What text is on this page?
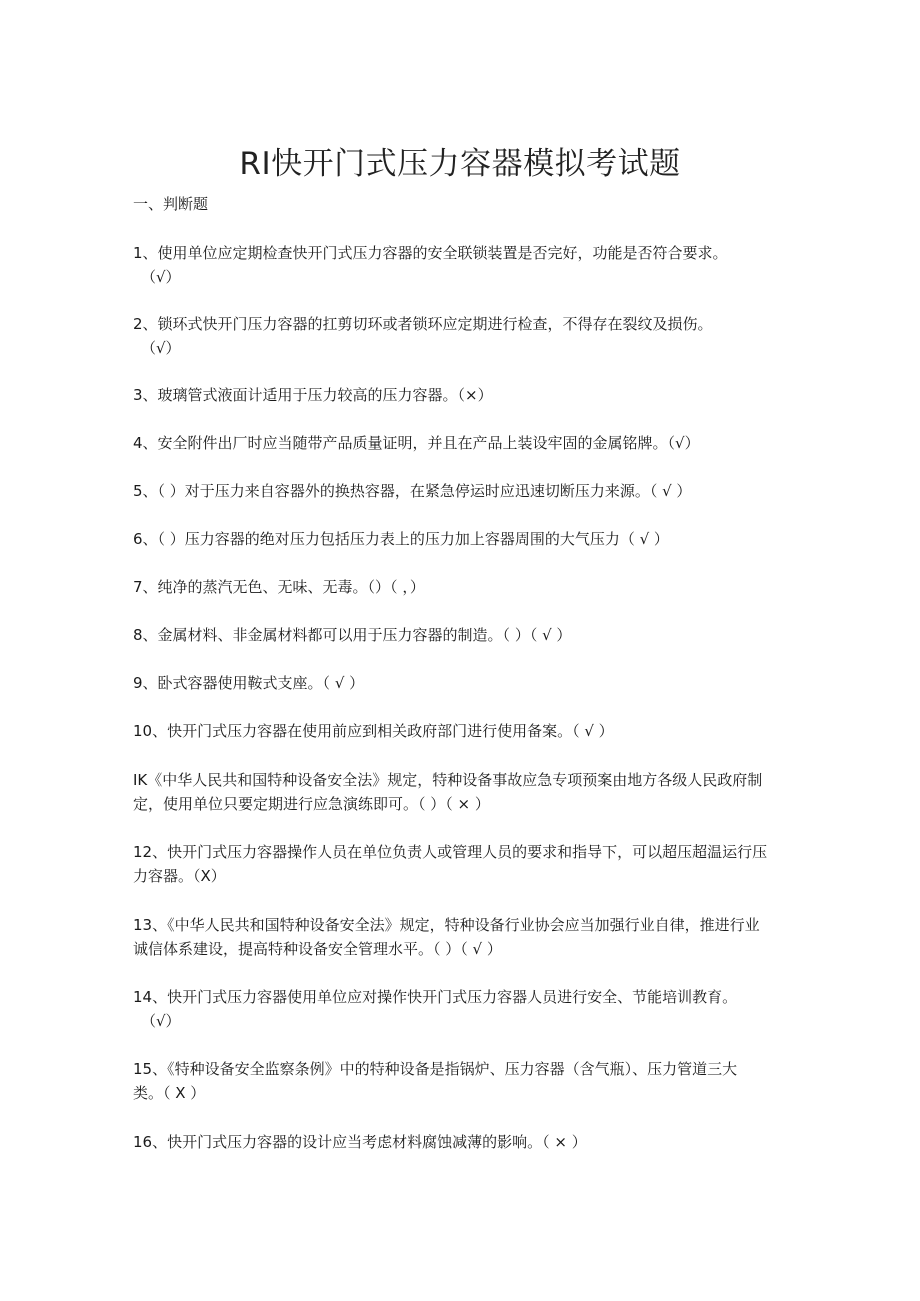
RI快开门式压力容器模拟考试题
一、判断题
1、使用单位应定期检查快开门式压力容器的安全联锁装置是否完好，功能是否符合要求。
（√）
2、锁环式快开门压力容器的扛剪切环或者锁环应定期进行检查，不得存在裂纹及损伤。
（√）
3、玻璃管式液面计适用于压力较高的压力容器。（×）
4、安全附件出厂时应当随带产品质量证明，并且在产品上装设牢固的金属铭牌。（√）
5、（ ）对于压力来自容器外的换热容器，在紧急停运时应迅速切断压力来源。（ √ ）
6、（ ）压力容器的绝对压力包括压力表上的压力加上容器周围的大气压力（ √ ）
7、纯净的蒸汽无色、无味、无毒。（）（ ，）
8、金属材料、非金属材料都可以用于压力容器的制造。（ ）（ √ ）
9、卧式容器使用鞍式支座。（ √ ）
10、快开门式压力容器在使用前应到相关政府部门进行使用备案。（ √ ）
IK《中华人民共和国特种设备安全法》规定，特种设备事故应急专项预案由地方各级人民政府制
定，使用单位只要定期进行应急演练即可。（ ）（ × ）
12、快开门式压力容器操作人员在单位负责人或管理人员的要求和指导下，可以超压超温运行压
力容器。（X）
13、《中华人民共和国特种设备安全法》规定，特种设备行业协会应当加强行业自律，推进行业
诚信体系建设，提高特种设备安全管理水平。（ ）（ √ ）
14、快开门式压力容器使用单位应对操作快开门式压力容器人员进行安全、节能培训教育。
（√）
15、《特种设备安全监察条例》中的特种设备是指锅炉、压力容器（含气瓶）、压力管道三大
类。（ X ）
16、快开门式压力容器的设计应当考虑材料腐蚀减薄的影响。（ × ）
